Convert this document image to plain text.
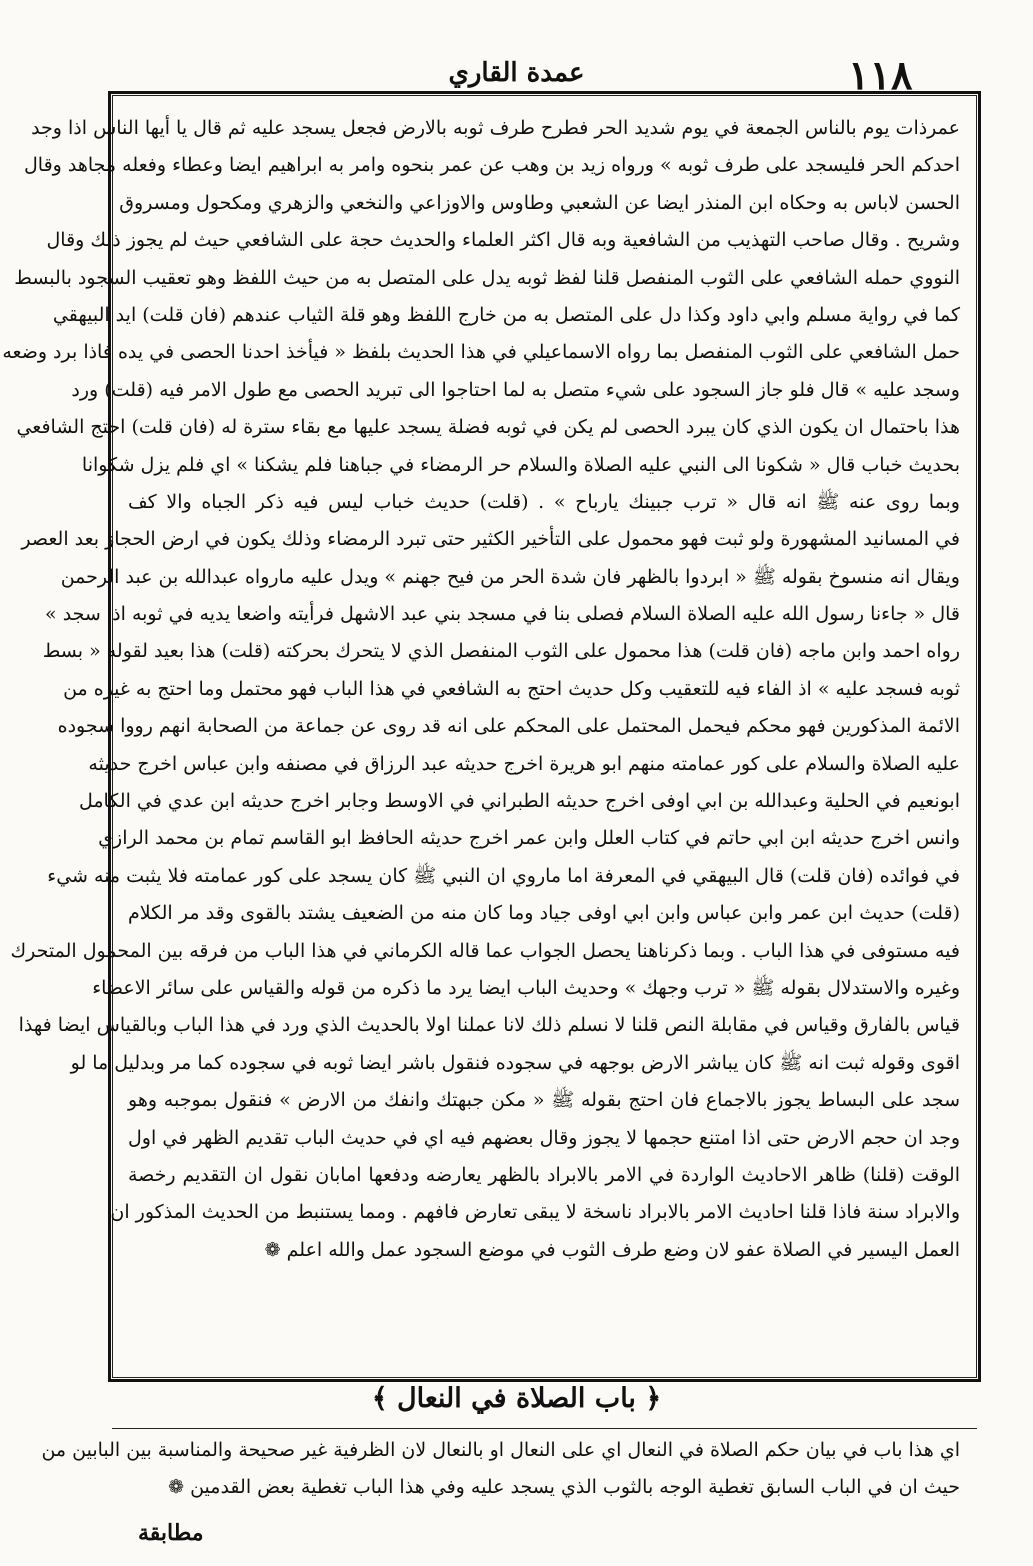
١١٨
عمدة القاري
عمرذات يوم بالناس الجمعة في يوم شديد الحر فطرح طرف ثوبه بالارض فجعل يسجد عليه ثم قال يا أيها الناس اذا وجد
احدكم الحر فليسجد على طرف ثوبه » ورواه زيد بن وهب عن عمر بنحوه وامر به ابراهيم ايضا وعطاء وفعله مجاهد وقال
الحسن لاباس به وحكاه ابن المنذر ايضا عن الشعبي وطاوس والاوزاعي والنخعي والزهري ومكحول ومسروق
وشريح . وقال صاحب التهذيب من الشافعية وبه قال اكثر العلماء والحديث حجة على الشافعي حيث لم يجوز ذلك وقال
النووي حمله الشافعي على الثوب المنفصل قلنا لفظ ثوبه يدل على المتصل به من حيث اللفظ وهو تعقيب السجود بالبسط
كما في رواية مسلم وابي داود وكذا دل على المتصل به من خارج اللفظ وهو قلة الثياب عندهم (فان قلت) ايد البيهقي
حمل الشافعي على الثوب المنفصل بما رواه الاسماعيلي في هذا الحديث بلفظ « فيأخذ احدنا الحصى في يده فاذا برد وضعه
وسجد عليه » قال فلو جاز السجود على شيء متصل به لما احتاجوا الى تبريد الحصى مع طول الامر فيه (قلت) ورد
هذا باحتمال ان يكون الذي كان يبرد الحصى لم يكن في ثوبه فضلة يسجد عليها مع بقاء سترة له (فان قلت) احتج الشافعي
بحديث خباب قال « شكونا الى النبي عليه الصلاة والسلام حر الرمضاء في جباهنا فلم يشكنا » اي فلم يزل شكوانا
وبما روى عنه ﷺ انه قال « ترب جبينك يارباح » . (قلت) حديث خباب ليس فيه ذكر الجباه والا كف
في المسانيد المشهورة ولو ثبت فهو محمول على التأخير الكثير حتى تبرد الرمضاء وذلك يكون في ارض الحجاز بعد العصر
ويقال انه منسوخ بقوله ﷺ « ابردوا بالظهر فان شدة الحر من فيح جهنم » ويدل عليه مارواه عبدالله بن عبد الرحمن
قال « جاءنا رسول الله عليه الصلاة السلام فصلى بنا في مسجد بني عبد الاشهل فرأيته واضعا يديه في ثوبه اذا سجد »
رواه احمد وابن ماجه (فان قلت) هذا محمول على الثوب المنفصل الذي لا يتحرك بحركته (قلت) هذا بعيد لقوله « بسط
ثوبه فسجد عليه » اذ الفاء فيه للتعقيب وكل حديث احتج به الشافعي في هذا الباب فهو محتمل وما احتج به غيره من
الائمة المذكورين فهو محكم فيحمل المحتمل على المحكم على انه قد روى عن جماعة من الصحابة انهم رووا سجوده
عليه الصلاة والسلام على كور عمامته منهم ابو هريرة اخرج حديثه عبد الرزاق في مصنفه وابن عباس اخرج حديثه
ابونعيم في الحلية وعبدالله بن ابي اوفى اخرج حديثه الطبراني في الاوسط وجابر اخرج حديثه ابن عدي في الكامل
وانس اخرج حديثه ابن ابي حاتم في كتاب العلل وابن عمر اخرج حديثه الحافظ ابو القاسم تمام بن محمد الرازي
في فوائده (فان قلت) قال البيهقي في المعرفة اما ماروي ان النبي ﷺ كان يسجد على كور عمامته فلا يثبت منه شيء
(قلت) حديث ابن عمر وابن عباس وابن ابي اوفى جياد وما كان منه من الضعيف يشتد بالقوى وقد مر الكلام
فيه مستوفى في هذا الباب . وبما ذكرناهنا يحصل الجواب عما قاله الكرماني في هذا الباب من فرقه بين المحمول المتحرك
وغيره والاستدلال بقوله ﷺ « ترب وجهك » وحديث الباب ايضا يرد ما ذكره من قوله والقياس على سائر الاعضاء
قياس بالفارق وقياس في مقابلة النص قلنا لا نسلم ذلك لانا عملنا اولا بالحديث الذي ورد في هذا الباب وبالقياس ايضا فهذا
اقوى وقوله ثبت انه ﷺ كان يباشر الارض بوجهه في سجوده فنقول باشر ايضا ثوبه في سجوده كما مر وبدليل ما لو
سجد على البساط يجوز بالاجماع فان احتج بقوله ﷺ « مكن جبهتك وانفك من الارض » فنقول بموجبه وهو
وجد ان حجم الارض حتى اذا امتنع حجمها لا يجوز وقال بعضهم فيه اي في حديث الباب تقديم الظهر في اول
الوقت (قلنا) ظاهر الاحاديث الواردة في الامر بالابراد بالظهر يعارضه ودفعها امابان نقول ان التقديم رخصة
والابراد سنة فاذا قلنا احاديث الامر بالابراد ناسخة لا يبقى تعارض فافهم . ومما يستنبط من الحديث المذكور ان
العمل اليسير في الصلاة عفو لان وضع طرف الثوب في موضع السجود عمل والله اعلم ❁
﴿ باب الصلاة في النعال ﴾
اي هذا باب في بيان حكم الصلاة في النعال اي على النعال او بالنعال لان الظرفية غير صحيحة والمناسبة بين البابين من
حيث ان في الباب السابق تغطية الوجه بالثوب الذي يسجد عليه وفي هذا الباب تغطية بعض القدمين ❁
مطابقة
